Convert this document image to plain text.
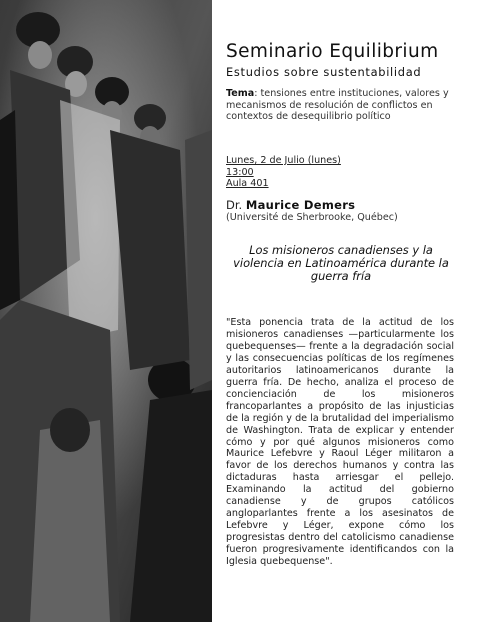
Seminario Equilibrium
Estudios sobre sustentabilidad
Tema: tensiones entre instituciones, valores y mecanismos de resolución de conflictos en contextos de desequilibrio político
Lunes, 2 de Julio (lunes)
13:00
Aula 401
Dr. Maurice Demers
(Université de Sherbrooke, Québec)
Los misioneros canadienses y la violencia en Latinoamérica durante la guerra fría
"Esta ponencia trata de la actitud de los misioneros canadienses —particularmente los quebequenses— frente a la degradación social y las consecuencias políticas de los regímenes autoritarios latinoamericanos durante la guerra fría. De hecho, analiza el proceso de concienciación de los misioneros francoparlantes a propósito de las injusticias de la región y de la brutalidad del imperialismo de Washington. Trata de explicar y entender cómo y por qué algunos misioneros como Maurice Lefebvre y Raoul Léger militaron a favor de los derechos humanos y contra las dictaduras hasta arriesgar el pellejo. Examinando la actitud del gobierno canadiense y de grupos católicos angloparlantes frente a los asesinatos de Lefebvre y Léger, expone cómo los progresistas dentro del catolicismo canadiense fueron progresivamente identificandos con la Iglesia quebequense".
